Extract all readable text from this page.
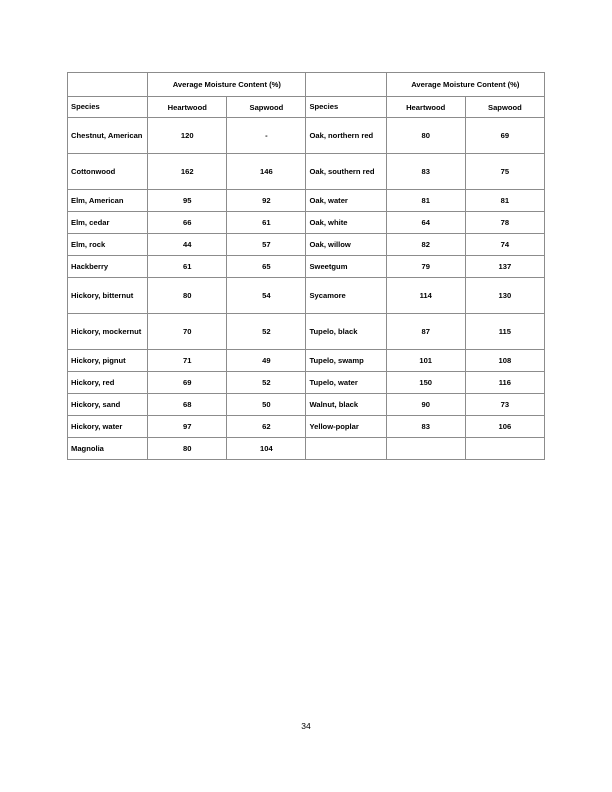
	Average Moisture Content (%)			Average Moisture Content (%)	
Species	Heartwood	Sapwood	Species	Heartwood	Sapwood
Chestnut, American	120	-	Oak, northern red	80	69
Cottonwood	162	146	Oak, southern red	83	75
Elm, American	95	92	Oak, water	81	81
Elm, cedar	66	61	Oak, white	64	78
Elm, rock	44	57	Oak, willow	82	74
Hackberry	61	65	Sweetgum	79	137
Hickory, bitternut	80	54	Sycamore	114	130
Hickory, mockernut	70	52	Tupelo, black	87	115
Hickory, pignut	71	49	Tupelo, swamp	101	108
Hickory, red	69	52	Tupelo, water	150	116
Hickory, sand	68	50	Walnut, black	90	73
Hickory, water	97	62	Yellow-poplar	83	106
Magnolia	80	104			
34
